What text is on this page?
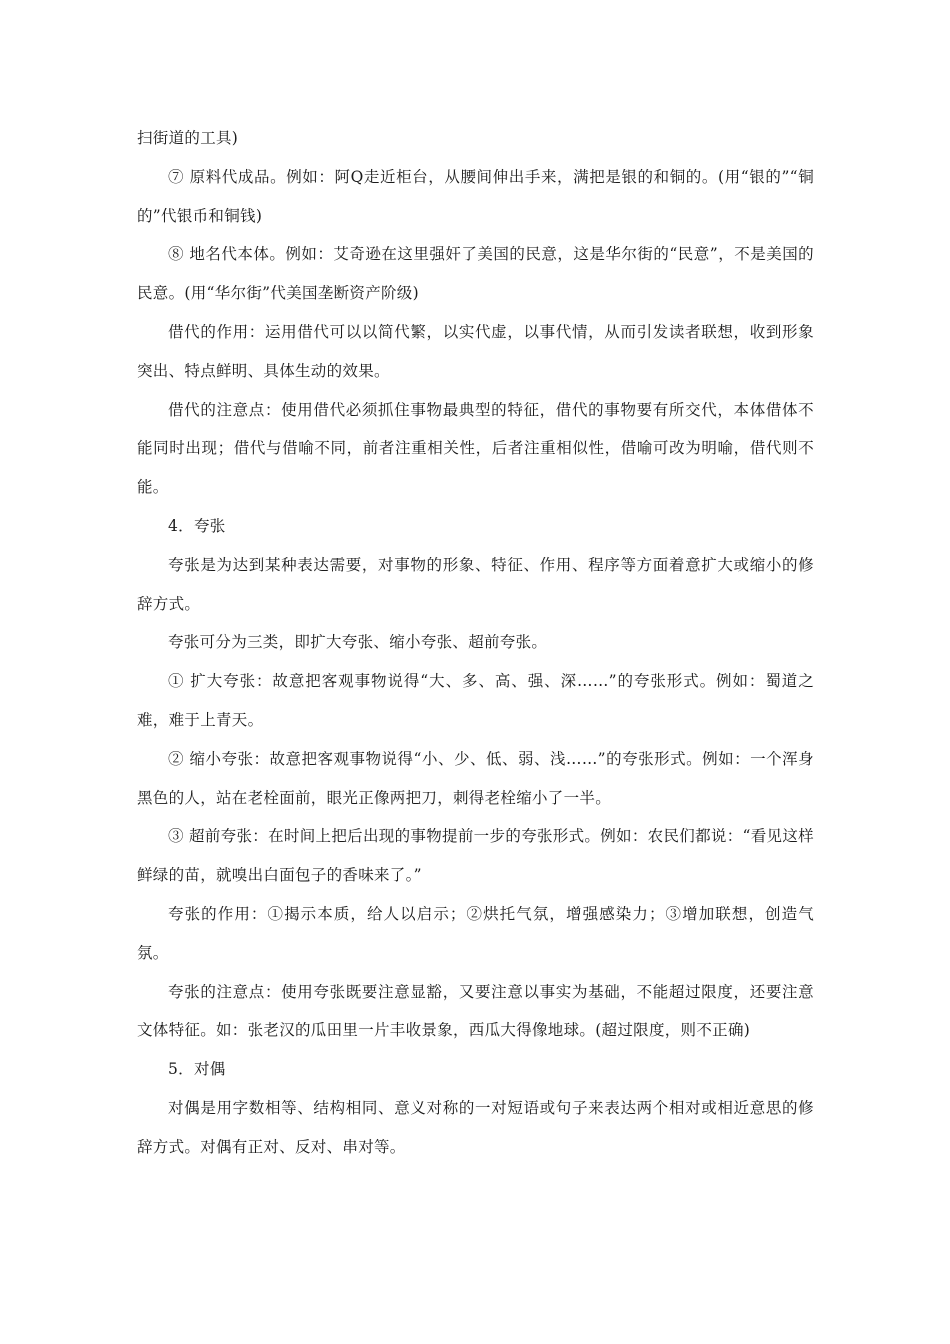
扫街道的工具)

⑦ 原料代成品。例如：阿Q走近柜台，从腰间伸出手来，满把是银的和铜的。(用“银的”“铜的”代银币和铜钱)

⑧ 地名代本体。例如：艾奇逊在这里强奸了美国的民意，这是华尔街的“民意”，不是美国的民意。(用“华尔街”代美国垄断资产阶级)

借代的作用：运用借代可以以简代繁，以实代虚，以事代情，从而引发读者联想，收到形象突出、特点鲜明、具体生动的效果。

借代的注意点：使用借代必须抓住事物最典型的特征，借代的事物要有所交代，本体借体不能同时出现；借代与借喻不同，前者注重相关性，后者注重相似性，借喻可改为明喻，借代则不能。

4．夸张

夸张是为达到某种表达需要，对事物的形象、特征、作用、程序等方面着意扩大或缩小的修辞方式。

夸张可分为三类，即扩大夸张、缩小夸张、超前夸张。

① 扩大夸张：故意把客观事物说得“大、多、高、强、深……”的夸张形式。例如：蜀道之难，难于上青天。

② 缩小夸张：故意把客观事物说得“小、少、低、弱、浅……”的夸张形式。例如：一个浑身黑色的人，站在老栓面前，眼光正像两把刀，刺得老栓缩小了一半。

③ 超前夸张：在时间上把后出现的事物提前一步的夸张形式。例如：农民们都说：“看见这样鲜绿的苗，就嗅出白面包子的香味来了。”

夸张的作用：①揭示本质，给人以启示；②烘托气氛，增强感染力；③增加联想，创造气氛。

夸张的注意点：使用夸张既要注意显豁，又要注意以事实为基础，不能超过限度，还要注意文体特征。如：张老汉的瓜田里一片丰收景象，西瓜大得像地球。(超过限度，则不正确)

5．对偶

对偶是用字数相等、结构相同、意义对称的一对短语或句子来表达两个相对或相近意思的修辞方式。对偶有正对、反对、串对等。
